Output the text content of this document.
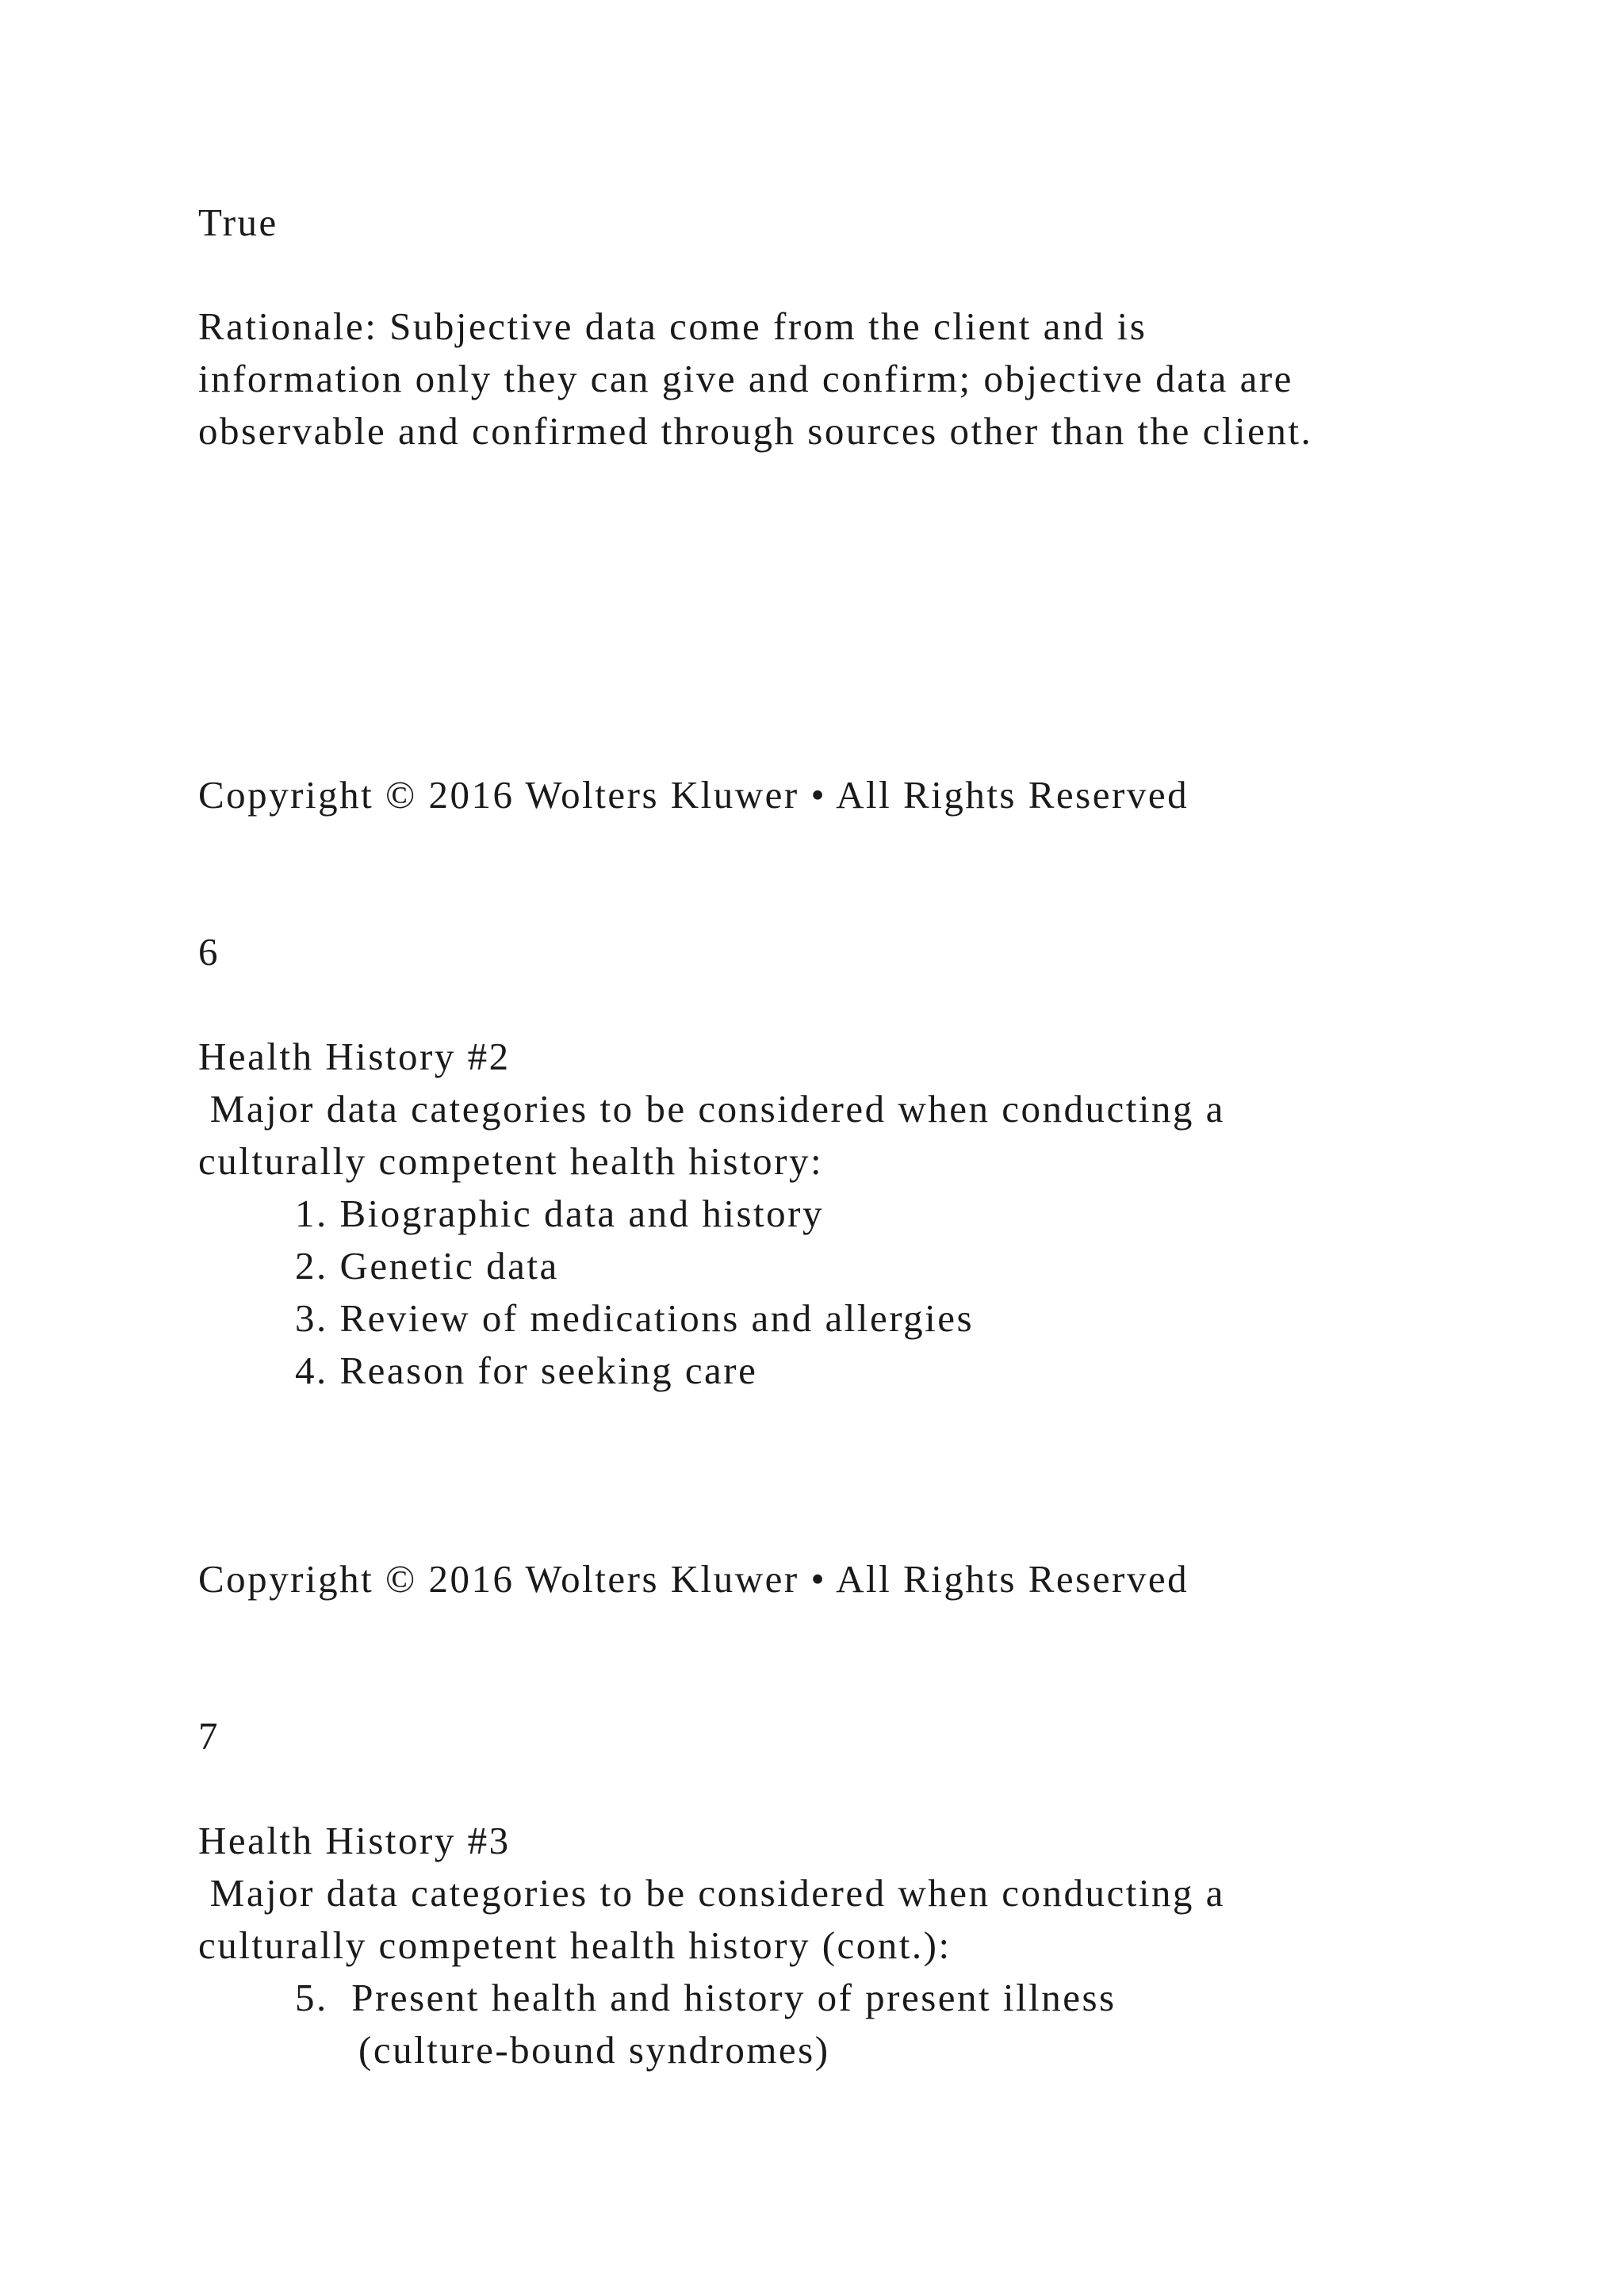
True
Rationale: Subjective data come from the client and is
information only they can give and confirm; objective data are
observable and confirmed through sources other than the client.
Copyright © 2016 Wolters Kluwer • All Rights Reserved
6
Health History #2
Major data categories to be considered when conducting a
culturally competent health history:
1. Biographic data and history
2. Genetic data
3. Review of medications and allergies
4. Reason for seeking care
Copyright © 2016 Wolters Kluwer • All Rights Reserved
7
Health History #3
Major data categories to be considered when conducting a
culturally competent health history (cont.):
5.  Present health and history of present illness
(culture-bound syndromes)
